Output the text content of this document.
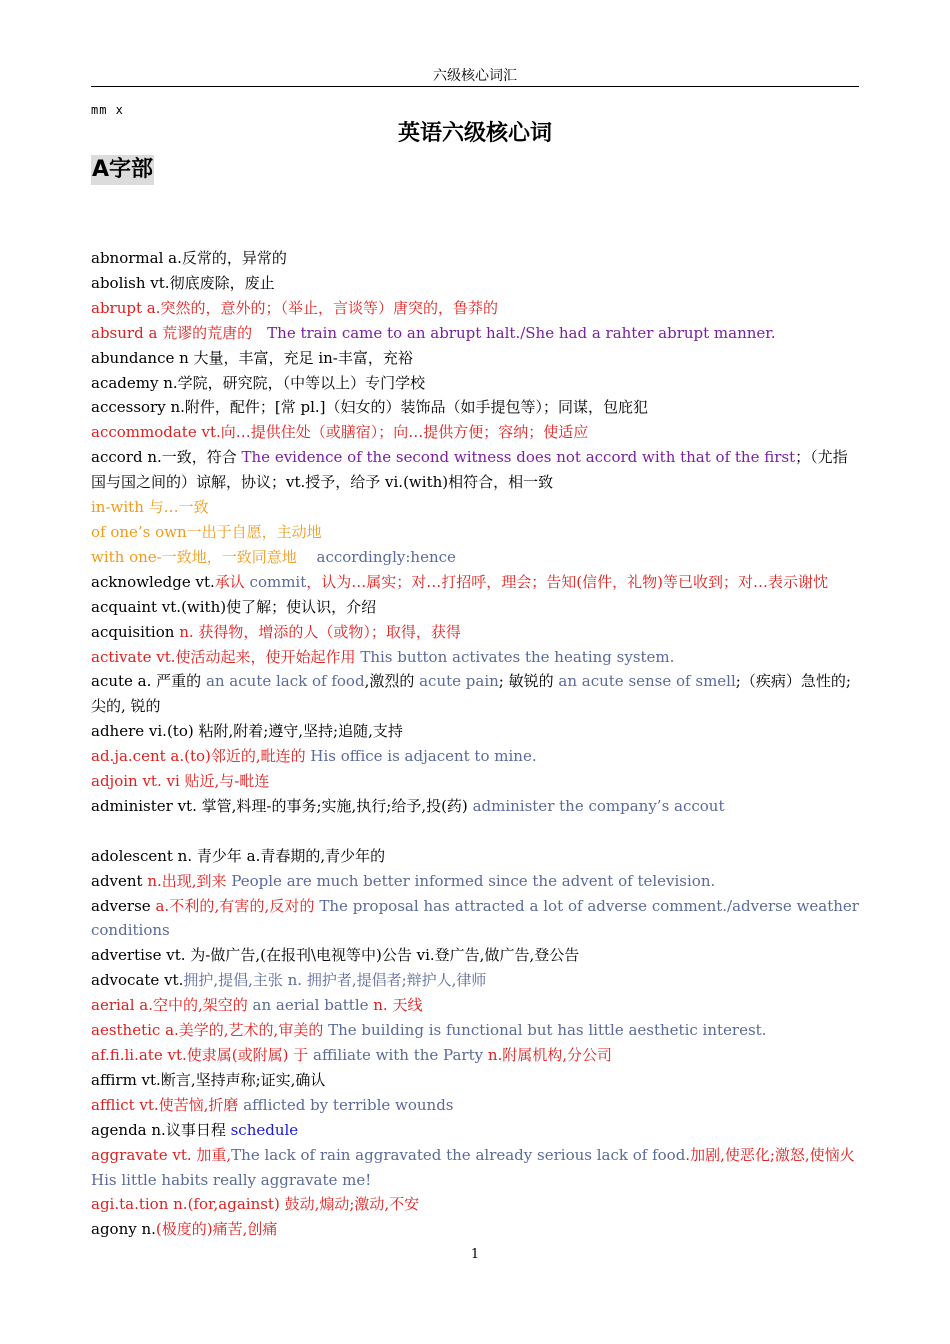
六级核心词汇
mm x
英语六级核心词
A字部

abnormal a.反常的，异常的

abolish vt.彻底废除，废止

abrupt a.突然的，意外的；（举止，言谈等）唐突的，鲁莽的

absurd a 荒谬的荒唐的　The train came to an abrupt halt./She had a rahter abrupt manner.

abundance n 大量，丰富，充足 in-丰富，充裕

academy n.学院，研究院，（中等以上）专门学校

accessory n.附件，配件；[常 pl.]（妇女的）装饰品（如手提包等）；同谋，包庇犯

accommodate vt.向…提供住处（或膳宿）；向…提供方便；容纳；使适应

accord n.一致，符合 The evidence of the second witness does not accord with that of the first；（尤指国与国之间的）谅解，协议；vt.授予，给予 vi.(with)相符合，相一致

in-with 与…一致

of one’s own一出于自愿，主动地

with one-一致地，一致同意地　 accordingly:hence

acknowledge vt.承认 commit，认为…属实；对…打招呼，理会；告知(信件，礼物)等已收到；对…表示谢忱

acquaint vt.(with)使了解；使认识，介绍

acquisition n. 获得物，增添的人（或物）；取得，获得

activate vt.使活动起来，使开始起作用 This button activates the heating system.

acute a. 严重的 an acute lack of food,激烈的 acute pain; 敏锐的 an acute sense of smell;（疾病）急性的; 尖的, 锐的

adhere vi.(to) 粘附,附着;遵守,坚持;追随,支持

ad.ja.cent a.(to)邻近的,毗连的 His office is adjacent to mine.

adjoin vt. vi 贴近,与-毗连

administer vt. 掌管,料理-的事务;实施,执行;给予,投(药) administer the company’s accout

adolescent n. 青少年 a.青春期的,青少年的

advent n.出现,到来 People are much better informed since the advent of television.

adverse a.不利的,有害的,反对的 The proposal has attracted a lot of adverse comment./adverse weather conditions

advertise vt. 为-做广告,(在报刊\电视等中)公告 vi.登广告,做广告,登公告

advocate vt.拥护,提倡,主张 n. 拥护者,提倡者;辩护人,律师

aerial a.空中的,架空的 an aerial battle n. 天线

aesthetic a.美学的,艺术的,审美的 The building is functional but has little aesthetic interest.

af.fi.li.ate vt.使隶属(或附属) 于 affiliate with the Party n.附属机构,分公司

affirm vt.断言,坚持声称;证实,确认

afflict vt.使苦恼,折磨 afflicted by terrible wounds

agenda n.议事日程 schedule

aggravate vt. 加重,The lack of rain aggravated the already serious lack of food.加剧,使恶化;激怒,使恼火 His little habits really aggravate me!

agi.ta.tion n.(for,against) 鼓动,煽动;激动,不安

agony n.(极度的)痛苦,创痛

1
